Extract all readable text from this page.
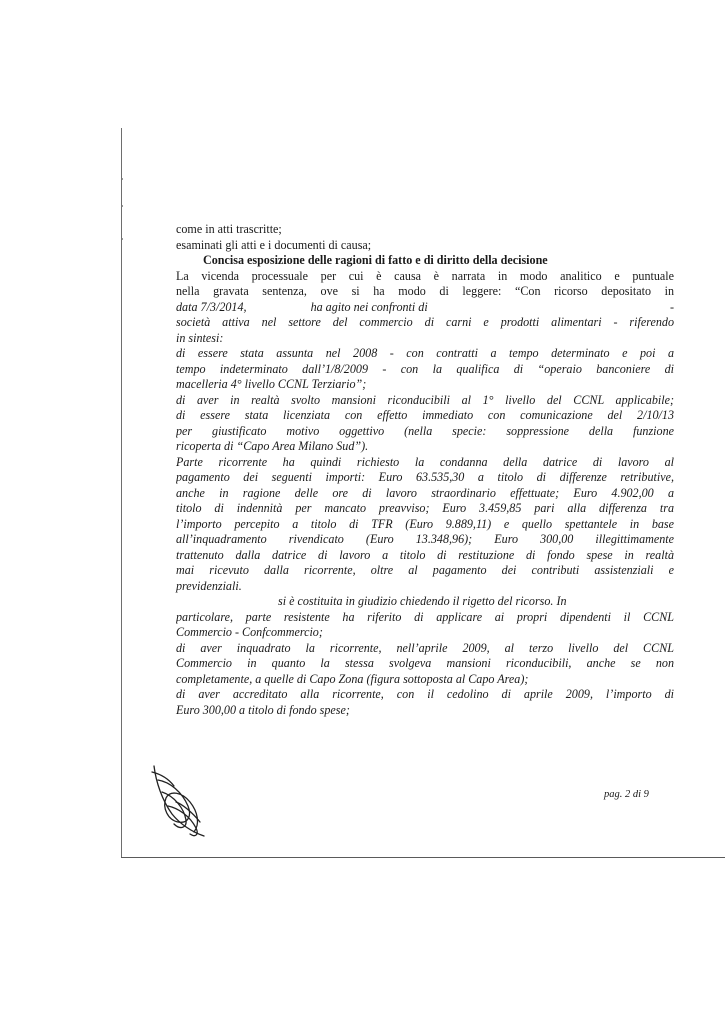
come in atti trascritte;
esaminati gli atti e i documenti di causa;
Concisa esposizione delle ragioni di fatto e di diritto della decisione
La vicenda processuale per cui è causa è narrata in modo analitico e puntuale
nella gravata sentenza, ove si ha modo di leggere: “Con ricorso depositato in
data 7/3/2014,	ha agito nei confronti di	-
società attiva nel settore del commercio di carni e prodotti alimentari - riferendo
in sintesi:
di essere stata assunta nel 2008 - con contratti a tempo determinato e poi a
tempo indeterminato dall’1/8/2009 - con la qualifica di “operaio banconiere di
macelleria 4° livello CCNL Terziario”;
di aver in realtà svolto mansioni riconducibili al 1° livello del CCNL applicabile;
di essere stata licenziata con effetto immediato con comunicazione del 2/10/13
per giustificato motivo oggettivo (nella specie: soppressione della funzione
ricoperta di “Capo Area Milano Sud”).
Parte ricorrente ha quindi richiesto la condanna della datrice di lavoro al
pagamento dei seguenti importi: Euro 63.535,30 a titolo di differenze retributive,
anche in ragione delle ore di lavoro straordinario effettuate; Euro 4.902,00 a
titolo di indennità per mancato preavviso; Euro 3.459,85 pari alla differenza tra
l’importo percepito a titolo di TFR (Euro 9.889,11) e quello spettantele in base
all’inquadramento rivendicato (Euro 13.348,96); Euro 300,00 illegittimamente
trattenuto dalla datrice di lavoro a titolo di restituzione di fondo spese in realtà
mai ricevuto dalla ricorrente, oltre al pagamento dei contributi assistenziali e
previdenziali.
si è costituita in giudizio chiedendo il rigetto del ricorso. In
particolare, parte resistente ha riferito di applicare ai propri dipendenti il CCNL
Commercio - Confcommercio;
di aver inquadrato la ricorrente, nell’aprile 2009, al terzo livello del CCNL
Commercio in quanto la stessa svolgeva mansioni riconducibili, anche se non
completamente, a quelle di Capo Zona (figura sottoposta al Capo Area);
di aver accreditato alla ricorrente, con il cedolino di aprile 2009, l’importo di
Euro 300,00 a titolo di fondo spese;
pag. 2 di 9
